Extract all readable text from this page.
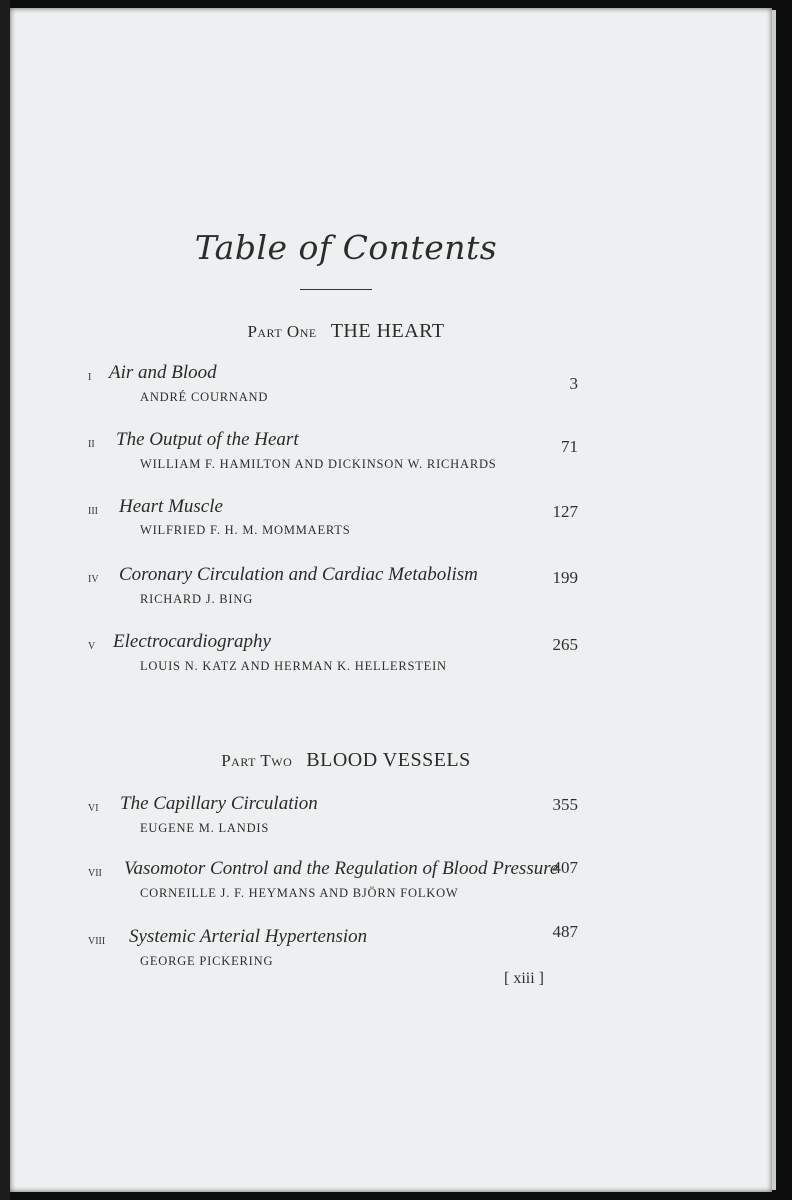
Table of Contents
Part One THE HEART
i Air and Blood
ANDRÉ COURNAND
3
ii The Output of the Heart
WILLIAM F. HAMILTON AND DICKINSON W. RICHARDS
71
iii Heart Muscle
WILFRIED F. H. M. MOMMAERTS
127
iv Coronary Circulation and Cardiac Metabolism
RICHARD J. BING
199
v Electrocardiography
LOUIS N. KATZ AND HERMAN K. HELLERSTEIN
265
Part Two BLOOD VESSELS
vi The Capillary Circulation
EUGENE M. LANDIS
355
vii Vasomotor Control and the Regulation of Blood Pressure
CORNEILLE J. F. HEYMANS AND BJÖRN FOLKOW
407
viii Systemic Arterial Hypertension
GEORGE PICKERING
487
[ xiii ]
